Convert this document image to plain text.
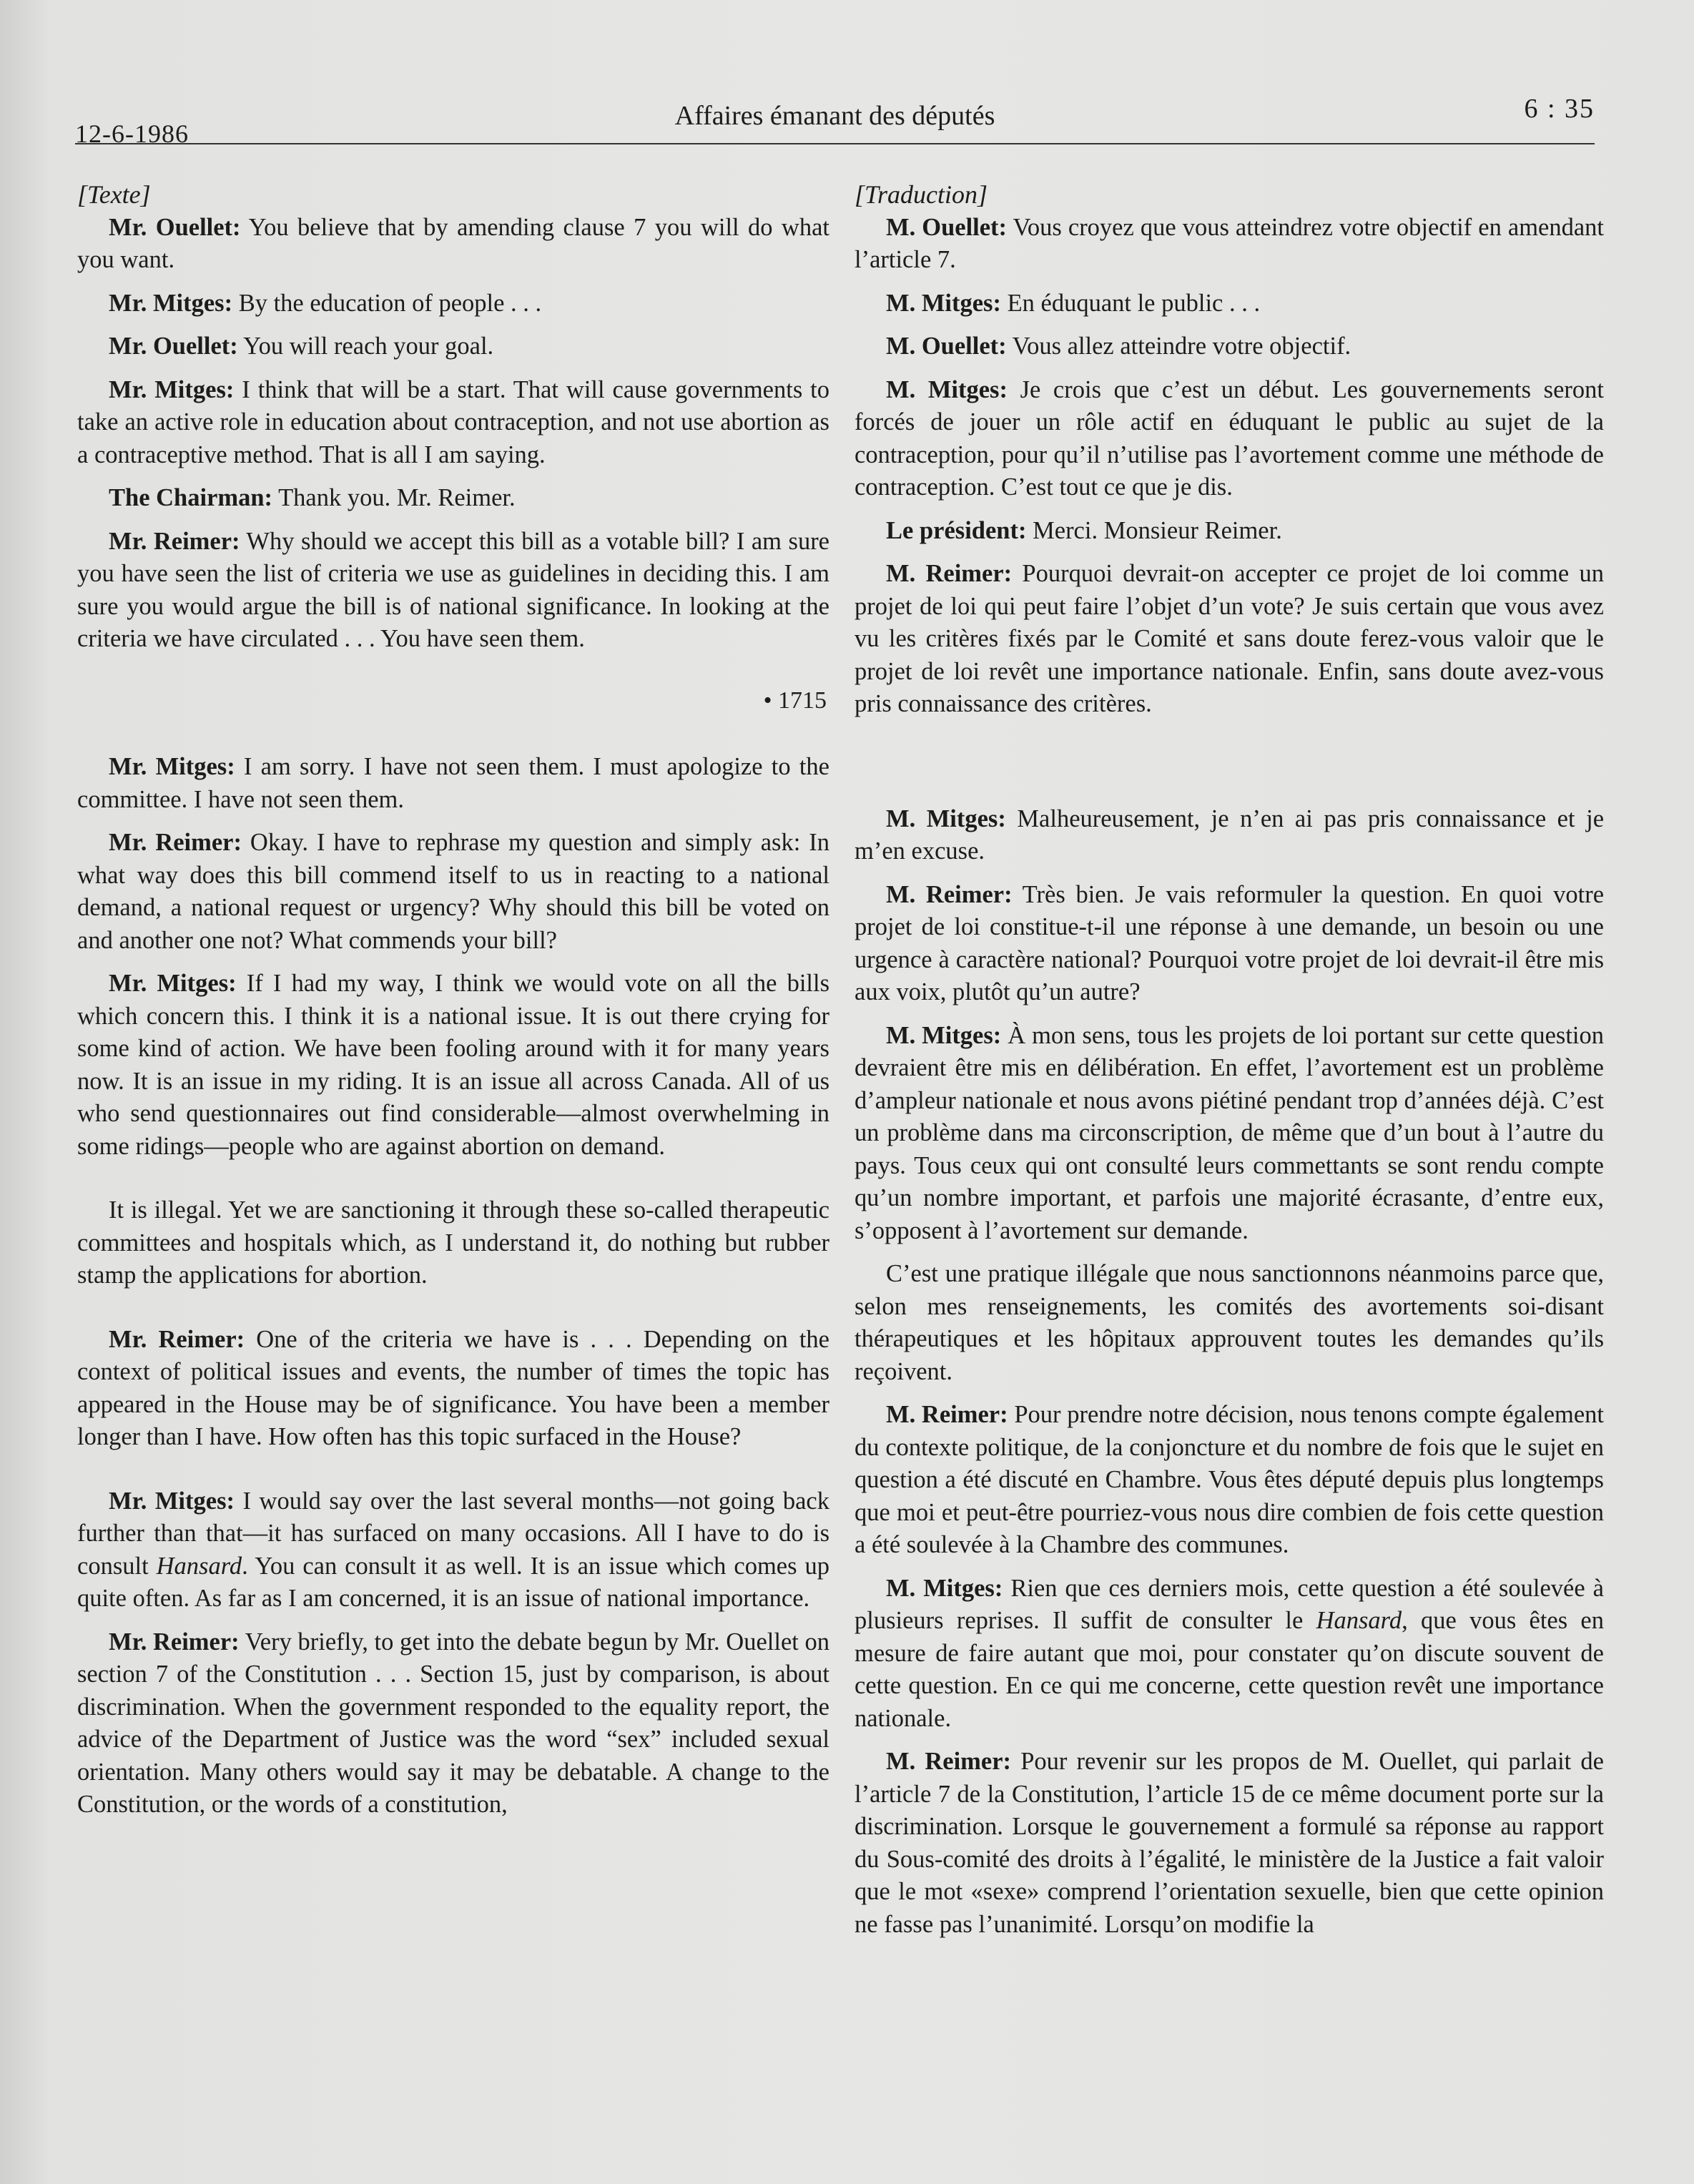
12-6-1986
Affaires émanant des députés	6 : 35

[Texte]

Mr. Ouellet: You believe that by amending clause 7 you will do what you want.

Mr. Mitges: By the education of people . . .

Mr. Ouellet: You will reach your goal.

Mr. Mitges: I think that will be a start. That will cause governments to take an active role in education about contraception, and not use abortion as a contraceptive method. That is all I am saying.

The Chairman: Thank you. Mr. Reimer.

Mr. Reimer: Why should we accept this bill as a votable bill? I am sure you have seen the list of criteria we use as guidelines in deciding this. I am sure you would argue the bill is of national significance. In looking at the criteria we have circulated . . . You have seen them.

• 1715

Mr. Mitges: I am sorry. I have not seen them. I must apologize to the committee. I have not seen them.

Mr. Reimer: Okay. I have to rephrase my question and simply ask: In what way does this bill commend itself to us in reacting to a national demand, a national request or urgency? Why should this bill be voted on and another one not? What commends your bill?

Mr. Mitges: If I had my way, I think we would vote on all the bills which concern this. I think it is a national issue. It is out there crying for some kind of action. We have been fooling around with it for many years now. It is an issue in my riding. It is an issue all across Canada. All of us who send questionnaires out find considerable—almost overwhelming in some ridings—people who are against abortion on demand.

It is illegal. Yet we are sanctioning it through these so-called therapeutic committees and hospitals which, as I understand it, do nothing but rubber stamp the applications for abortion.

Mr. Reimer: One of the criteria we have is . . . Depending on the context of political issues and events, the number of times the topic has appeared in the House may be of significance. You have been a member longer than I have. How often has this topic surfaced in the House?

Mr. Mitges: I would say over the last several months—not going back further than that—it has surfaced on many occasions. All I have to do is consult Hansard. You can consult it as well. It is an issue which comes up quite often. As far as I am concerned, it is an issue of national importance.

Mr. Reimer: Very briefly, to get into the debate begun by Mr. Ouellet on section 7 of the Constitution . . . Section 15, just by comparison, is about discrimination. When the government responded to the equality report, the advice of the Department of Justice was the word “sex” included sexual orientation. Many others would say it may be debatable. A change to the Constitution, or the words of a constitution,

[Traduction]

M. Ouellet: Vous croyez que vous atteindrez votre objectif en amendant l’article 7.

M. Mitges: En éduquant le public . . .

M. Ouellet: Vous allez atteindre votre objectif.

M. Mitges: Je crois que c’est un début. Les gouvernements seront forcés de jouer un rôle actif en éduquant le public au sujet de la contraception, pour qu’il n’utilise pas l’avortement comme une méthode de contraception. C’est tout ce que je dis.

Le président: Merci. Monsieur Reimer.

M. Reimer: Pourquoi devrait-on accepter ce projet de loi comme un projet de loi qui peut faire l’objet d’un vote? Je suis certain que vous avez vu les critères fixés par le Comité et sans doute ferez-vous valoir que le projet de loi revêt une importance nationale. Enfin, sans doute avez-vous pris connaissance des critères.

M. Mitges: Malheureusement, je n’en ai pas pris connaissance et je m’en excuse.

M. Reimer: Très bien. Je vais reformuler la question. En quoi votre projet de loi constitue-t-il une réponse à une demande, un besoin ou une urgence à caractère national? Pourquoi votre projet de loi devrait-il être mis aux voix, plutôt qu’un autre?

M. Mitges: À mon sens, tous les projets de loi portant sur cette question devraient être mis en délibération. En effet, l’avortement est un problème d’ampleur nationale et nous avons piétiné pendant trop d’années déjà. C’est un problème dans ma circonscription, de même que d’un bout à l’autre du pays. Tous ceux qui ont consulté leurs commettants se sont rendu compte qu’un nombre important, et parfois une majorité écrasante, d’entre eux, s’opposent à l’avortement sur demande.

C’est une pratique illégale que nous sanctionnons néanmoins parce que, selon mes renseignements, les comités des avortements soi-disant thérapeutiques et les hôpitaux approuvent toutes les demandes qu’ils reçoivent.

M. Reimer: Pour prendre notre décision, nous tenons compte également du contexte politique, de la conjoncture et du nombre de fois que le sujet en question a été discuté en Chambre. Vous êtes député depuis plus longtemps que moi et peut-être pourriez-vous nous dire combien de fois cette question a été soulevée à la Chambre des communes.

M. Mitges: Rien que ces derniers mois, cette question a été soulevée à plusieurs reprises. Il suffit de consulter le Hansard, que vous êtes en mesure de faire autant que moi, pour constater qu’on discute souvent de cette question. En ce qui me concerne, cette question revêt une importance nationale.

M. Reimer: Pour revenir sur les propos de M. Ouellet, qui parlait de l’article 7 de la Constitution, l’article 15 de ce même document porte sur la discrimination. Lorsque le gouvernement a formulé sa réponse au rapport du Sous-comité des droits à l’égalité, le ministère de la Justice a fait valoir que le mot «sexe» comprend l’orientation sexuelle, bien que cette opinion ne fasse pas l’unanimité. Lorsqu’on modifie la
